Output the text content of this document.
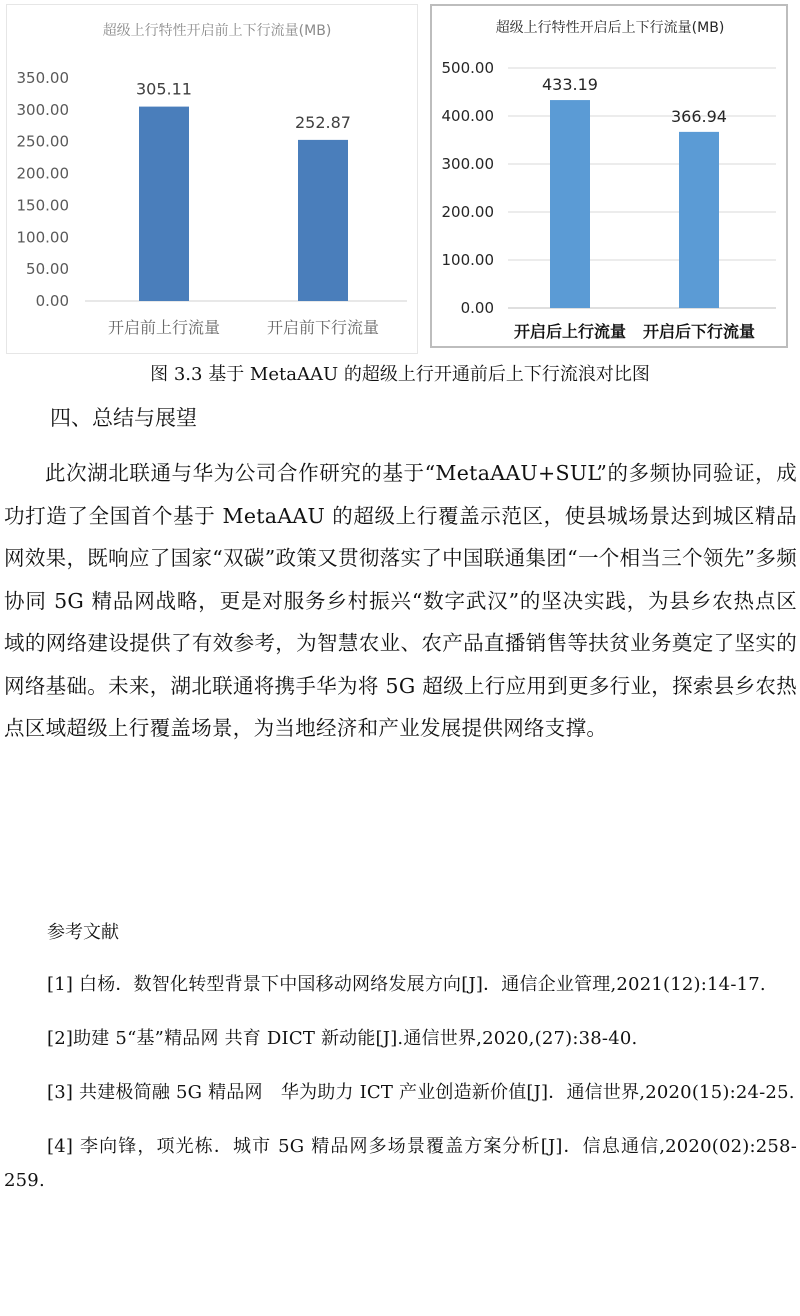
超级上行特性开启前上下行流量(MB)
0.00
50.00
100.00
150.00
200.00
250.00
300.00
350.00
305.11
开启前上行流量
252.87
开启前下行流量
超级上行特性开启后上下行流量(MB)
0.00
100.00
200.00
300.00
400.00
500.00
433.19
开启后上行流量
366.94
开启后下行流量
图 3.3 基于 MetaAAU 的超级上行开通前后上下行流浪对比图
四、总结与展望

此次湖北联通与华为公司合作研究的基于“MetaAAU+SUL”的多频协同验证，成功打造了全国首个基于 MetaAAU 的超级上行覆盖示范区，使县城场景达到城区精品网效果，既响应了国家“双碳”政策又贯彻落实了中国联通集团“一个相当三个领先”多频协同 5G 精品网战略，更是对服务乡村振兴“数字武汉”的坚决实践，为县乡农热点区域的网络建设提供了有效参考，为智慧农业、农产品直播销售等扶贫业务奠定了坚实的网络基础。未来，湖北联通将携手华为将 5G 超级上行应用到更多行业，探索县乡农热点区域超级上行覆盖场景，为当地经济和产业发展提供网络支撑。

参考文献
[1] 白杨．数智化转型背景下中国移动网络发展方向[J]．通信企业管理,2021(12):14-17.
[2]助建 5“基”精品网 共育 DICT 新动能[J].通信世界,2020,(27):38-40.
[3] 共建极简融 5G 精品网　华为助力 ICT 产业创造新价值[J]．通信世界,2020(15):24-25.
[4] 李向锋，项光栋．城市 5G 精品网多场景覆盖方案分析[J]．信息通信,2020(02):258-259.
